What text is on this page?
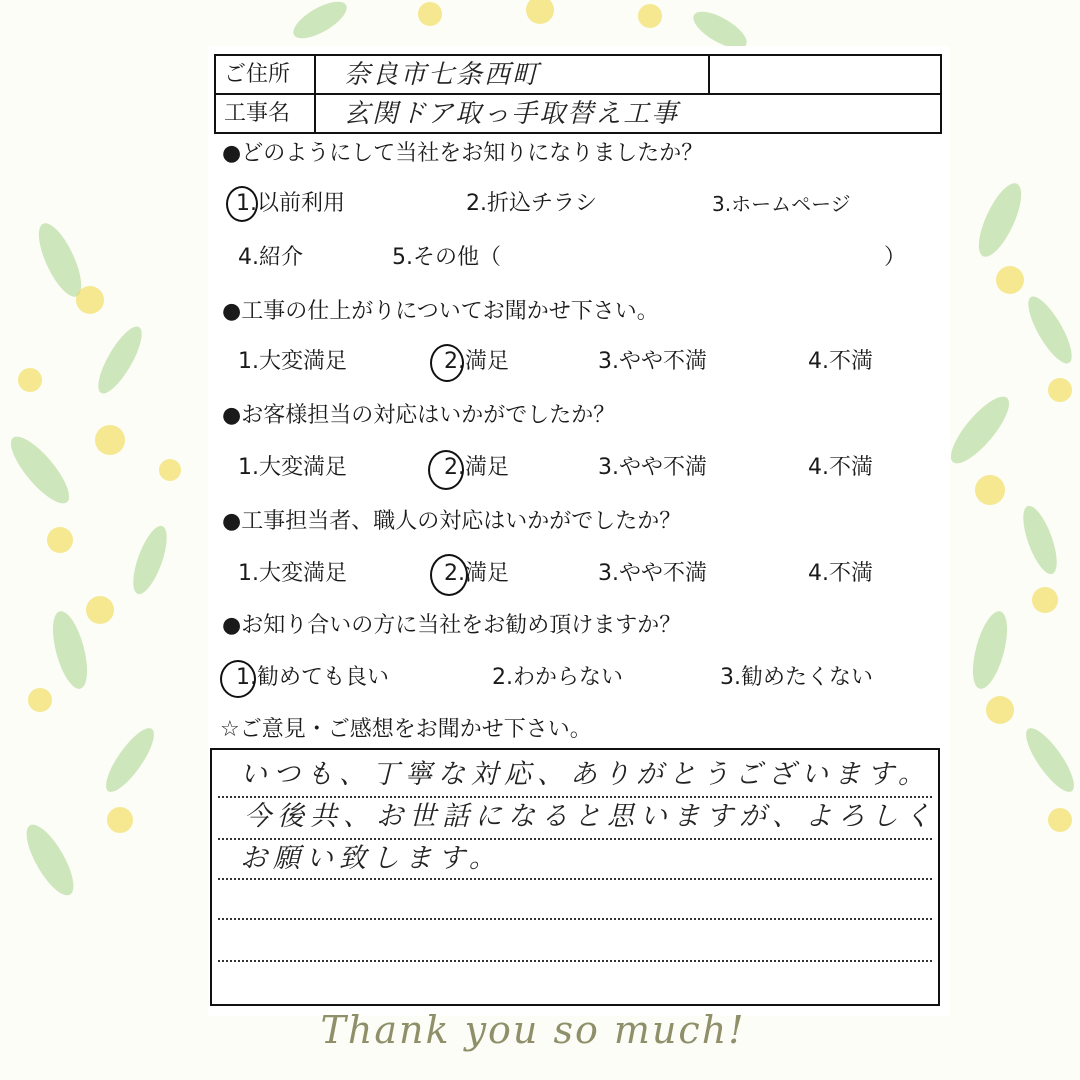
ご住所	奈良市七条西町
工事名	玄関ドア取っ手取替え工事
●どのようにして当社をお知りになりましたか？
1.以前利用	2.折込チラシ	3.ホームページ
4.紹介	5.その他（	）
●工事の仕上がりについてお聞かせ下さい。
1.大変満足	2.満足	3.やや不満	4.不満
●お客様担当の対応はいかがでしたか？
1.大変満足	2.満足	3.やや不満	4.不満
●工事担当者、職人の対応はいかがでしたか？
1.大変満足	2.満足	3.やや不満	4.不満
●お知り合いの方に当社をお勧め頂けますか？
1.勧めても良い	2.わからない	3.勧めたくない
☆ご意見・ご感想をお聞かせ下さい。
いつも、丁寧な対応、ありがとうございます。
今後共、お世話になると思いますが、よろしく
お願い致します。
Thank you so much!
